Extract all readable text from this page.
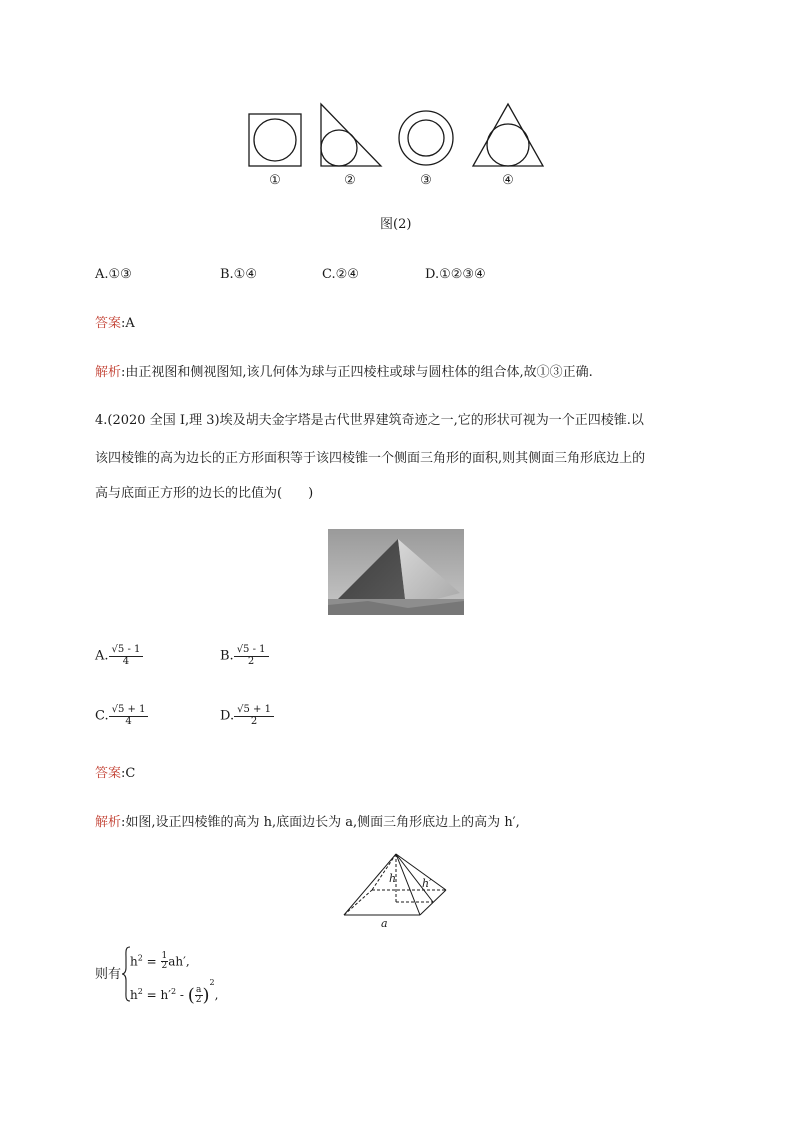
①	②	③	④
图(2)
A.①③	B.①④	C.②④	D.①②③④
答案:A
解析:由正视图和侧视图知,该几何体为球与正四棱柱或球与圆柱体的组合体,故①③正确.
4.(2020 全国 Ⅰ,理 3)埃及胡夫金字塔是古代世界建筑奇迹之一,它的形状可视为一个正四棱锥.以
该四棱锥的高为边长的正方形面积等于该四棱锥一个侧面三角形的面积,则其侧面三角形底边上的
高与底面正方形的边长的比值为(　　)
A. $\frac{√5 - 1}{4}$	B. $\frac{√5 - 1}{2}$
C. $\frac{√5 + 1}{4}$	D. $\frac{√5 + 1}{2}$
答案:C
解析:如图,设正四棱锥的高为 h,底面边长为 a,侧面三角形底边上的高为 h′,
h h′
a
则有
$h^2 = \frac{1}{2} ah'$,
$h^2 = h'^2$ - ( $\frac{a}{2} )^2$,
